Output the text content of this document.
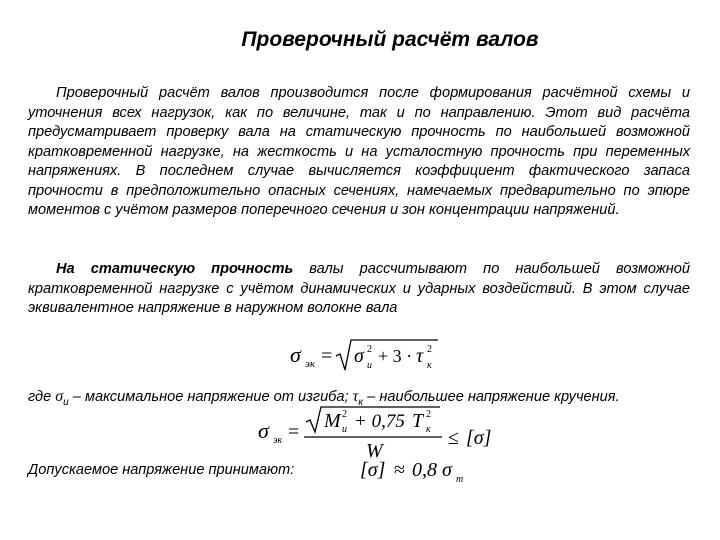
Проверочный расчёт валов

Проверочный расчёт валов производится после формирования расчётной схемы и уточнения всех нагрузок, как по величине, так и по направлению. Этот вид расчёта предусматривает проверку вала на статическую прочность по наибольшей возможной кратковременной нагрузке, на жесткость и на усталостную прочность при переменных напряжениях. В последнем случае вычисляется коэффициент фактического запаса прочности в предположительно опасных сечениях, намечаемых предварительно по эпюре моментов с учётом размеров поперечного сечения и зон концентрации напряжений.

На статическую прочность валы рассчитывают по наибольшей возможной кратковременной нагрузке с учётом динамических и ударных воздействий. В этом случае эквивалентное напряжение в наружном волокне вала

σ эк = σ 2
и + 3 · τ 2
к
где $\sigma_и$ – максимальное напряжение от изгиба; $\tau_к$ – наибольшее напряжение кручения.
σ эк = M 2
и + 0,75 T 2
к
W
≤ [σ]
Допускаемое напряжение принимают:	[σ] ≈ 0,8 σ т
